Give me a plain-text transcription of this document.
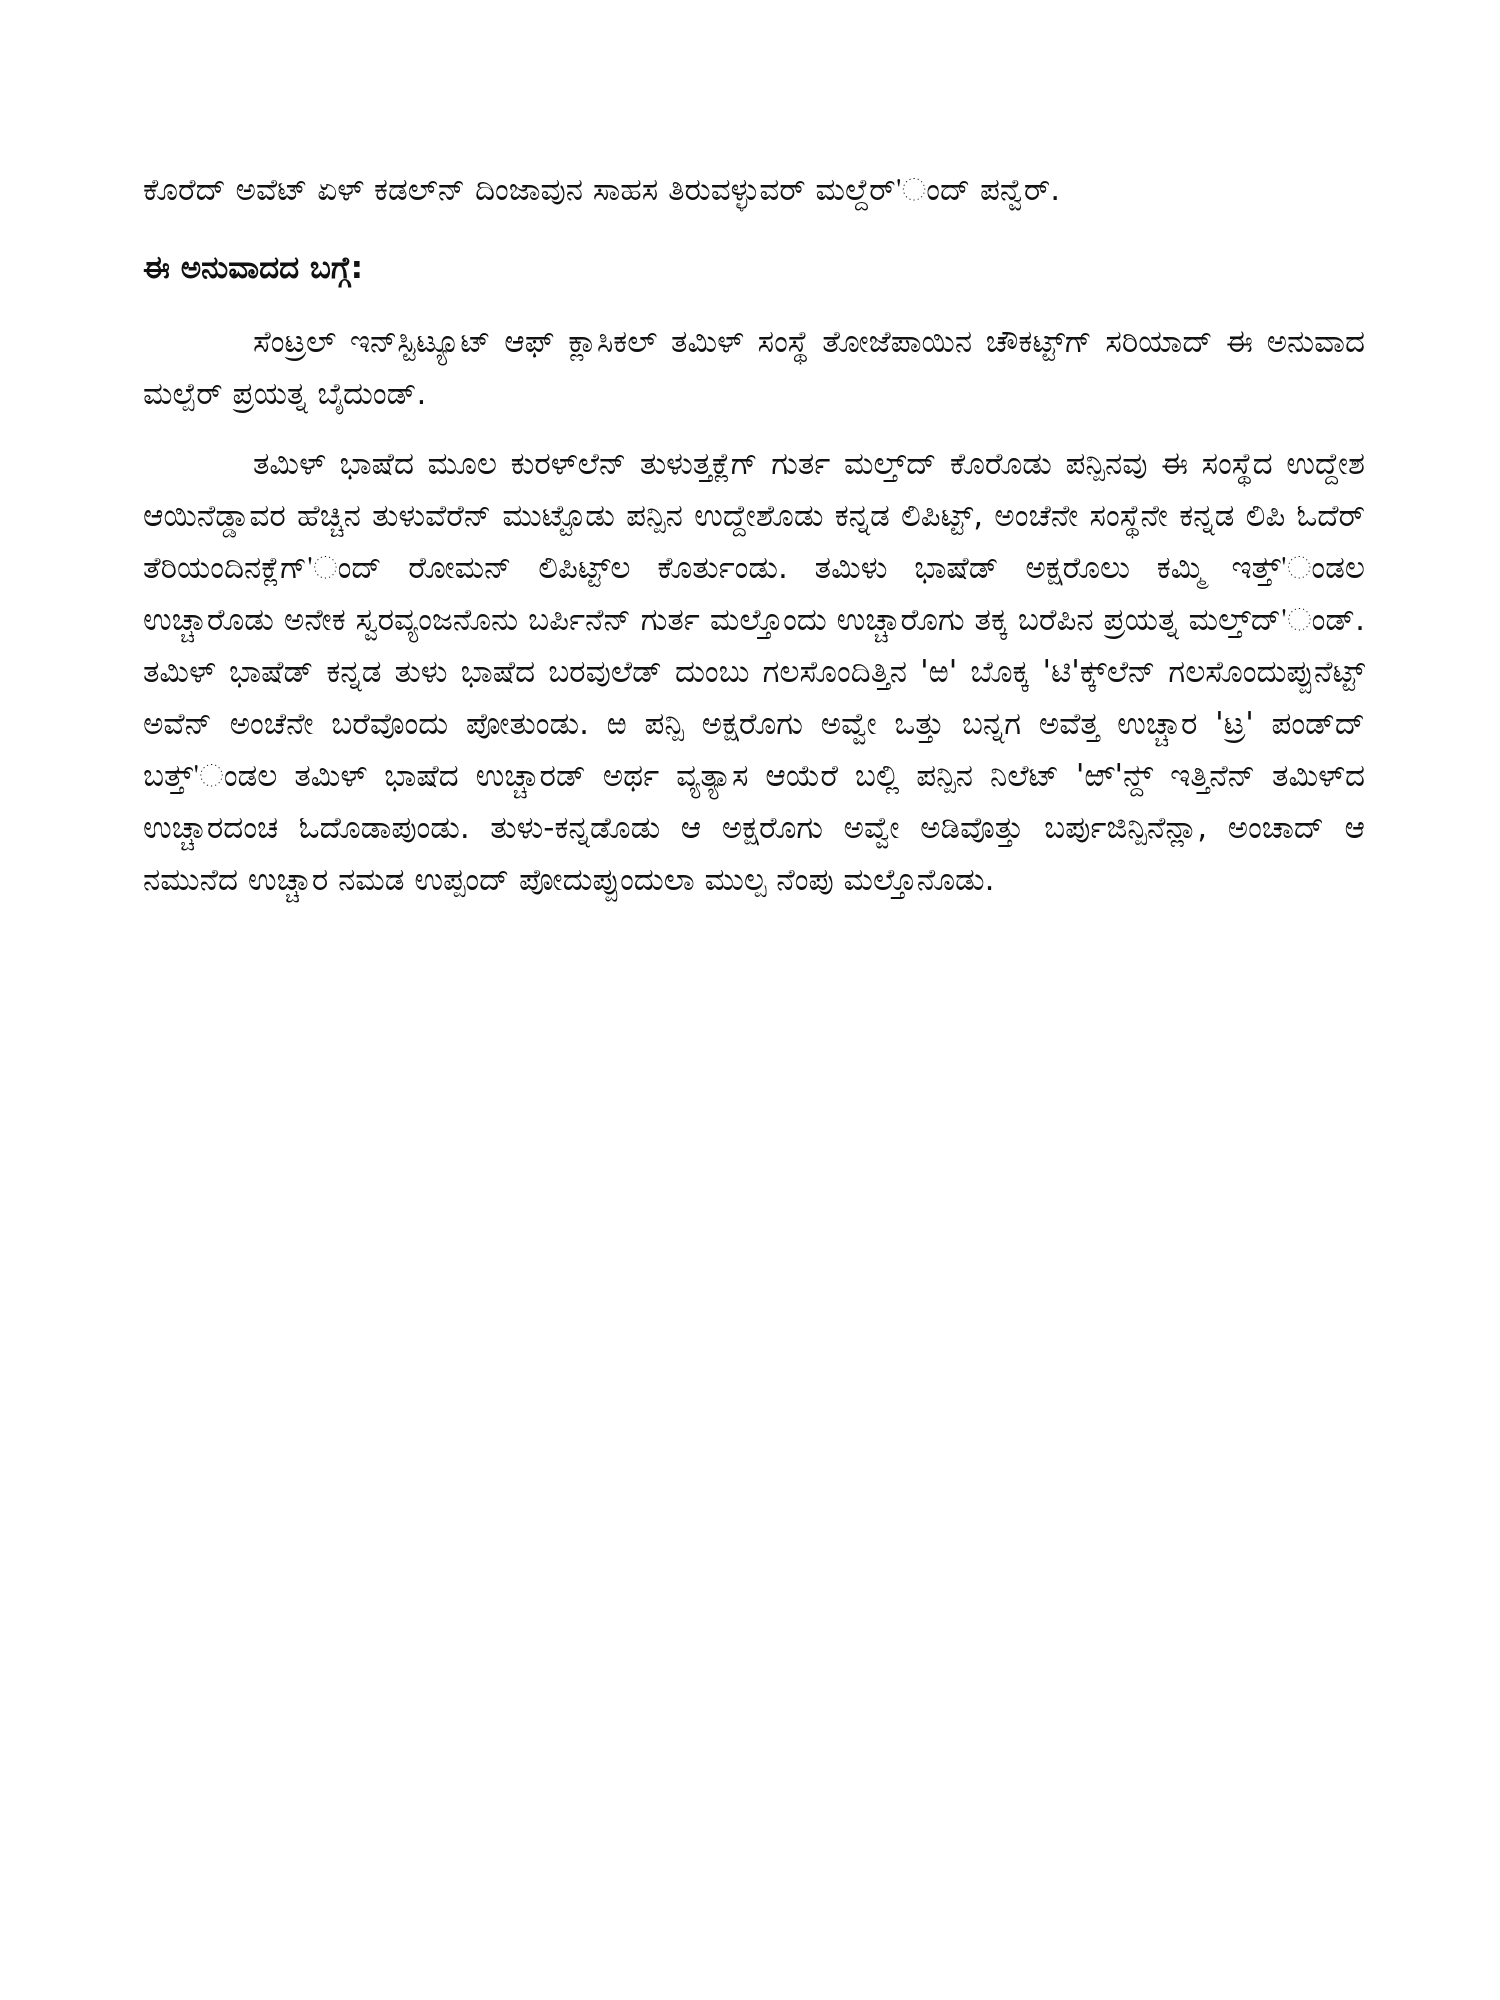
ಕೊರೆದ್ ಅವೆಟ್ ಏಳ್ ಕಡಲ್‌ನ್ ದಿಂಜಾವುನ ಸಾಹಸ ತಿರುವಳ್ಳುವರ್ ಮಲ್ದೆರ್'ಂದ್ ಪನ್ವೆರ್.

ಈ ಅನುವಾದದ ಬಗ್ಗೆ:

ಸೆಂಟ್ರಲ್ ಇನ್‌ಸ್ಟಿಟ್ಯೂಟ್ ಆಫ್ ಕ್ಲಾಸಿಕಲ್ ತಮಿಳ್ ಸಂಸ್ಥೆ ತೋಜೆಪಾಯಿನ ಚೌಕಟ್ಟ್‌ಗ್ ಸರಿಯಾದ್ ಈ ಅನುವಾದ ಮಲ್ಪೆರ್ ಪ್ರಯತ್ನ ಬೈದುಂಡ್.

ತಮಿಳ್ ಭಾಷೆದ ಮೂಲ ಕುರಳ್‌ಲೆನ್ ತುಳುತ್ತಕ್ಲೆಗ್ ಗುರ್ತ ಮಲ್ತ್‌ದ್ ಕೊರೊಡು ಪನ್ಪಿನವು ಈ ಸಂಸ್ಥೆದ ಉದ್ದೇಶ ಆಯಿನೆಡ್ಡಾವರ ಹೆಚ್ಚಿನ ತುಳುವೆರೆನ್ ಮುಟ್ಟೊಡು ಪನ್ಪಿನ ಉದ್ದೇಶೊಡು ಕನ್ನಡ ಲಿಪಿಟ್ಟ್, ಅಂಚೆನೇ ಸಂಸ್ಥೆನೇ ಕನ್ನಡ ಲಿಪಿ ಓದೆರ್ ತೆರಿಯಂದಿನಕ್ಲೆಗ್'ಂದ್ ರೋಮನ್ ಲಿಪಿಟ್ಟ್‌ಲ ಕೊರ್ತುಂಡು. ತಮಿಳು ಭಾಷೆಡ್ ಅಕ್ಷರೊಲು ಕಮ್ಮಿ ಇತ್ತ್'ಂಡಲ ಉಚ್ಚಾರೊಡು ಅನೇಕ ಸ್ವರವ್ಯಂಜನೊನು ಬರ್ಪಿನೆನ್ ಗುರ್ತ ಮಲ್ತೊಂದು ಉಚ್ಚಾರೊಗು ತಕ್ಕ ಬರೆಪಿನ ಪ್ರಯತ್ನ ಮಲ್ತ್‌ದ್'ಂಡ್. ತಮಿಳ್ ಭಾಷೆಡ್ ಕನ್ನಡ ತುಳು ಭಾಷೆದ ಬರವುಲೆಡ್ ದುಂಬು ಗಲಸೊಂದಿತ್ತಿನ 'ಱ' ಬೊಕ್ಕ 'ಟಿ'ಕ್ಕ್‌ಲೆನ್ ಗಲಸೊಂದುಪ್ಪುನೆಟ್ಟ್ ಅವೆನ್ ಅಂಚೆನೇ ಬರೆವೊಂದು ಪೋತುಂಡು. ಱ ಪನ್ಪಿ ಅಕ್ಷರೊಗು ಅವ್ವೇ ಒತ್ತು ಬನ್ನಗ ಅವೆತ್ತ ಉಚ್ಚಾರ 'ಟ್ರ' ಪಂಡ್‌ದ್ ಬತ್ತ್'ಂಡಲ ತಮಿಳ್ ಭಾಷೆದ ಉಚ್ಚಾರಡ್ ಅರ್ಥ ವ್ಯತ್ಯಾಸ ಆಯೆರೆ ಬಲ್ಲಿ ಪನ್ಪಿನ ನಿಲೆಟ್ 'ಱ್'ನ್ದ್ ಇತ್ತಿನೆನ್ ತಮಿಳ್‌ದ ಉಚ್ಚಾರದಂಚ ಓದೊಡಾಪುಂಡು. ತುಳು-ಕನ್ನಡೊಡು ಆ ಅಕ್ಷರೊಗು ಅವ್ವೇ ಅಡಿವೊತ್ತು ಬರ್ಪುಜಿನ್ಪಿನೆನ್ಲಾ, ಅಂಚಾದ್ ಆ ನಮುನೆದ ಉಚ್ಚಾರ ನಮಡ ಉಪ್ಪಂದ್ ಪೋದುಪ್ಪುಂದುಲಾ ಮುಲ್ಪ ನೆಂಪು ಮಲ್ತೊನೊಡು.
